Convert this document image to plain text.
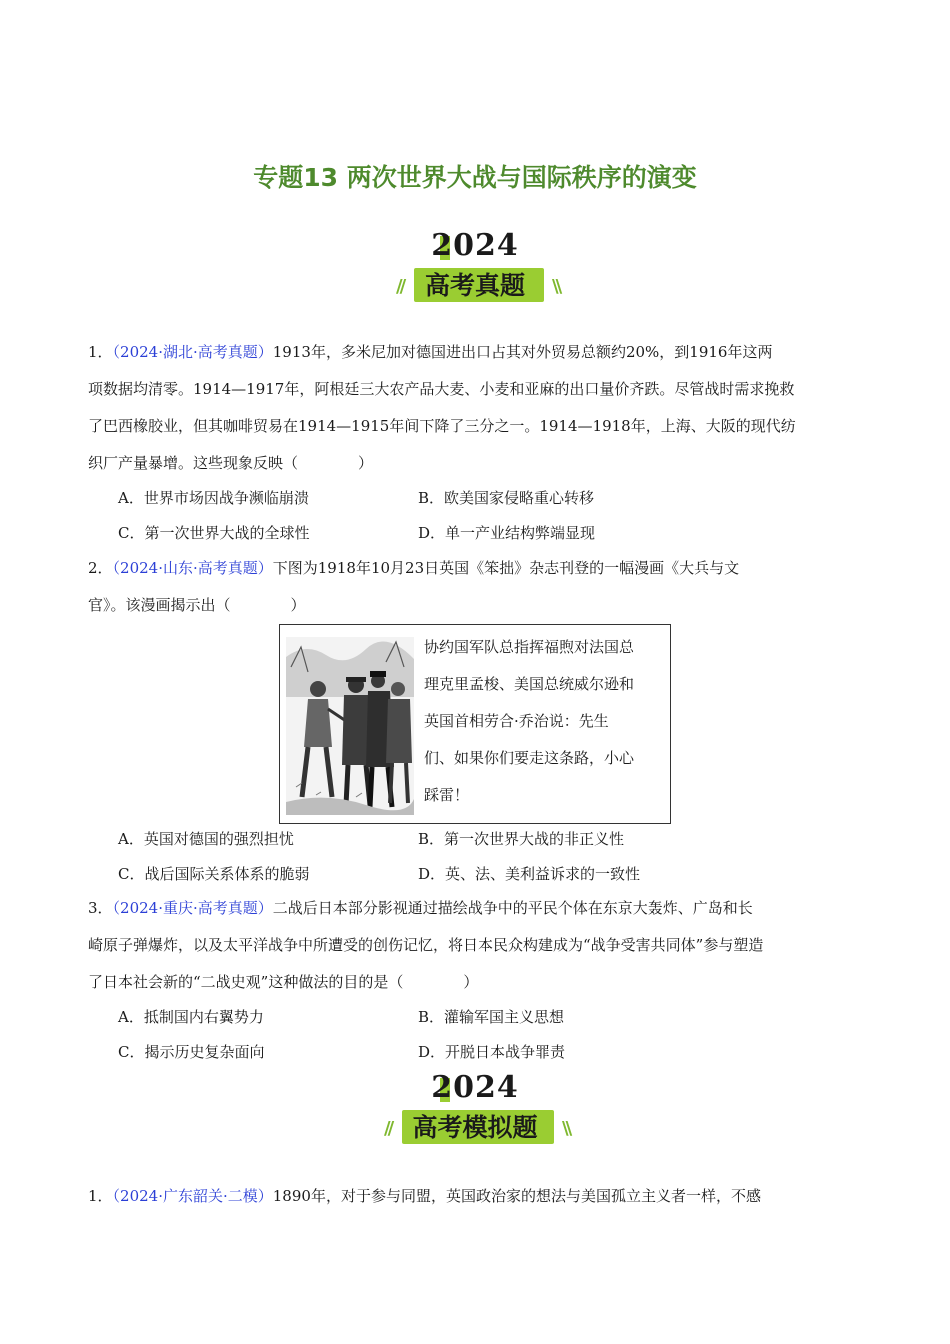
专题13 两次世界大战与国际秩序的演变
2024
// 高考真题	\\
1．（2024·湖北·高考真题）1913年，多米尼加对德国进出口占其对外贸易总额约20%，到1916年这两
项数据均清零。1914—1917年，阿根廷三大农产品大麦、小麦和亚麻的出口量价齐跌。尽管战时需求挽救
了巴西橡胶业，但其咖啡贸易在1914—1915年间下降了三分之一。1914—1918年，上海、大阪的现代纺
织厂产量暴增。这些现象反映（　　　　）
A．世界市场因战争濒临崩溃	B．欧美国家侵略重心转移
C．第一次世界大战的全球性	D．单一产业结构弊端显现
2．（2024·山东·高考真题）下图为1918年10月23日英国《笨拙》杂志刊登的一幅漫画《大兵与文
官》。该漫画揭示出（　　　　）
协约国军队总指挥福煦对法国总
理克里孟梭、美国总统威尔逊和
英国首相劳合·乔治说：先生
们、如果你们要走这条路，小心
踩雷！
A．英国对德国的强烈担忧	B．第一次世界大战的非正义性
C．战后国际关系体系的脆弱	D．英、法、美利益诉求的一致性
3．（2024·重庆·高考真题）二战后日本部分影视通过描绘战争中的平民个体在东京大轰炸、广岛和长
崎原子弹爆炸，以及太平洋战争中所遭受的创伤记忆，将日本民众构建成为“战争受害共同体”参与塑造
了日本社会新的“二战史观”这种做法的目的是（　　　　）
A．抵制国内右翼势力	B．灌输军国主义思想
C．揭示历史复杂面向	D．开脱日本战争罪责
2024
// 高考模拟题	\\
1．（2024·广东韶关·二模）1890年，对于参与同盟，英国政治家的想法与美国孤立主义者一样，不感
